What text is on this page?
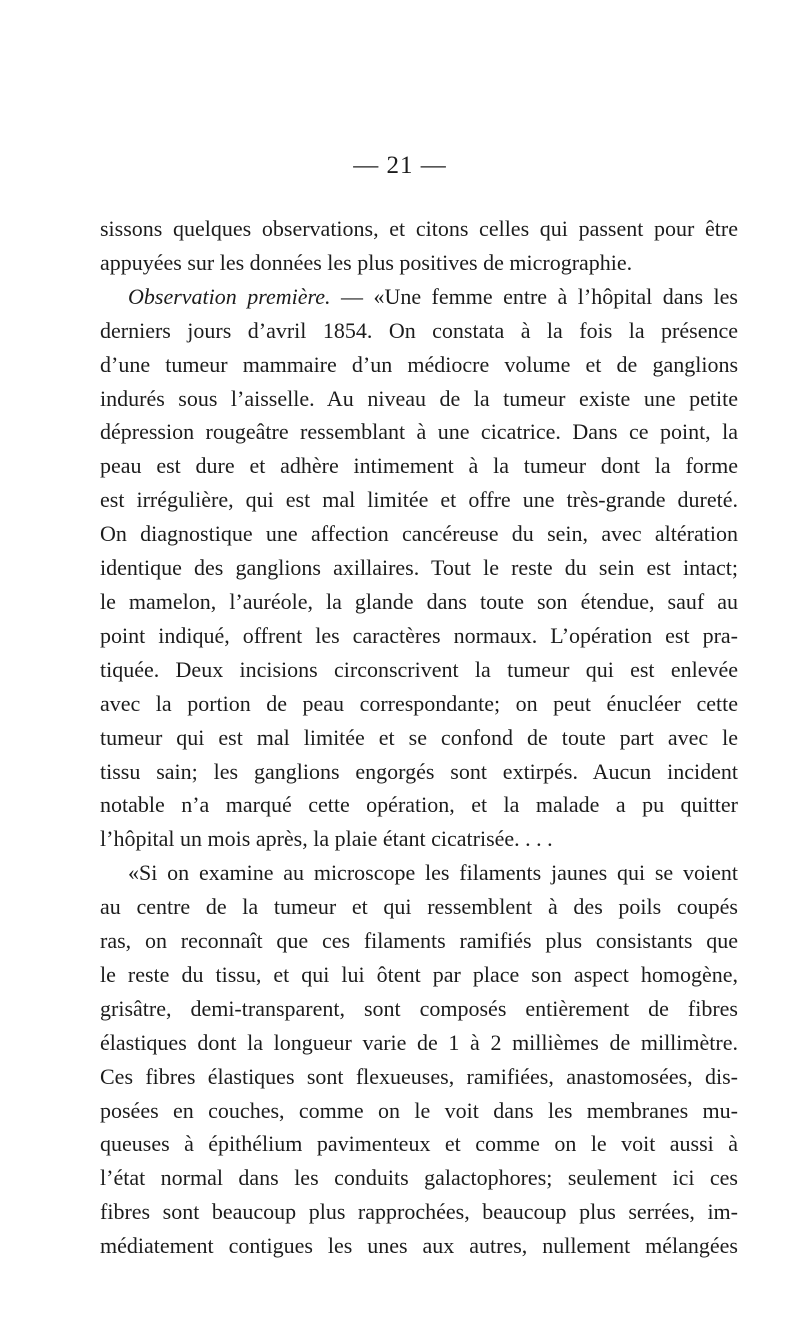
— 21 —
sissons quelques observations, et citons celles qui passent pour être
appuyées sur les données les plus positives de micrographie.
Observation première. — «Une femme entre à l’hôpital dans les
derniers jours d’avril 1854. On constata à la fois la présence
d’une tumeur mammaire d’un médiocre volume et de ganglions
indurés sous l’aisselle. Au niveau de la tumeur existe une petite
dépression rougeâtre ressemblant à une cicatrice. Dans ce point, la
peau est dure et adhère intimement à la tumeur dont la forme
est irrégulière, qui est mal limitée et offre une très-grande dureté.
On diagnostique une affection cancéreuse du sein, avec altération
identique des ganglions axillaires. Tout le reste du sein est intact;
le mamelon, l’auréole, la glande dans toute son étendue, sauf au
point indiqué, offrent les caractères normaux. L’opération est pra-
tiquée. Deux incisions circonscrivent la tumeur qui est enlevée
avec la portion de peau correspondante; on peut énucléer cette
tumeur qui est mal limitée et se confond de toute part avec le
tissu sain; les ganglions engorgés sont extirpés. Aucun incident
notable n’a marqué cette opération, et la malade a pu quitter
l’hôpital un mois après, la plaie étant cicatrisée. . . .
«Si on examine au microscope les filaments jaunes qui se voient
au centre de la tumeur et qui ressemblent à des poils coupés
ras, on reconnaît que ces filaments ramifiés plus consistants que
le reste du tissu, et qui lui ôtent par place son aspect homogène,
grisâtre, demi-transparent, sont composés entièrement de fibres
élastiques dont la longueur varie de 1 à 2 millièmes de millimètre.
Ces fibres élastiques sont flexueuses, ramifiées, anastomosées, dis-
posées en couches, comme on le voit dans les membranes mu-
queuses à épithélium pavimenteux et comme on le voit aussi à
l’état normal dans les conduits galactophores; seulement ici ces
fibres sont beaucoup plus rapprochées, beaucoup plus serrées, im-
médiatement contigues les unes aux autres, nullement mélangées
